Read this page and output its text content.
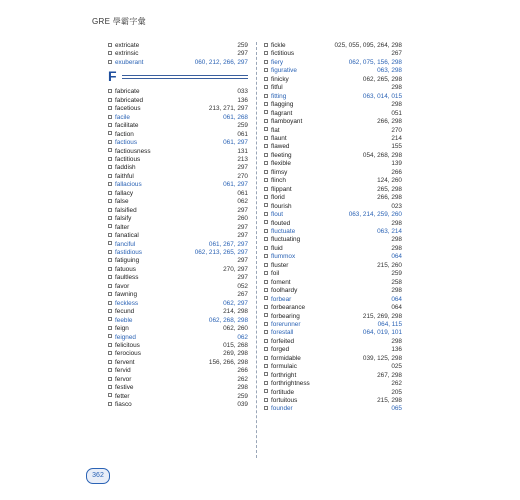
GRE 學霸字彙
extricate	259
extrinsic	297
exuberant	060, 212, 266, 297
F
fabricate	033
fabricated	136
facetious	213, 271, 297
facile	061, 268
facilitate	259
faction	061
factious	061, 297
factiousness	131
factitious	213
faddish	297
faithful	270
fallacious	061, 297
fallacy	061
false	062
falsified	297
falsify	260
falter	297
fanatical	297
fanciful	061, 267, 297
fastidious	062, 213, 265, 297
fatiguing	297
fatuous	270, 297
faultless	297
favor	052
fawning	267
feckless	062, 297
fecund	214, 298
feeble	062, 268, 298
feign	062, 260
feigned	062
felicitous	015, 268
ferocious	269, 298
fervent	156, 266, 298
fervid	266
fervor	262
festive	298
fetter	259
fiasco	039
fickle	025, 055, 095, 264, 298
fictitious	267
fiery	062, 075, 156, 298
figurative	063, 298
finicky	062, 265, 298
fitful	298
fitting	063, 014, 015
flagging	298
flagrant	051
flamboyant	266, 298
flat	270
flaunt	214
flawed	155
fleeting	054, 268, 298
flexible	139
flimsy	266
flinch	124, 260
flippant	265, 298
florid	266, 298
flourish	023
flout	063, 214, 259, 260
flouted	298
fluctuate	063, 214
fluctuating	298
fluid	298
flummox	064
fluster	215, 260
foil	259
foment	258
foolhardy	298
forbear	064
forbearance	064
forbearing	215, 269, 298
forerunner	064, 115
forestall	064, 019, 101
forfeited	298
forged	136
formidable	039, 125, 298
formulaic	025
forthright	267, 298
forthrightness	262
fortitude	205
fortuitous	215, 298
founder	065
362
